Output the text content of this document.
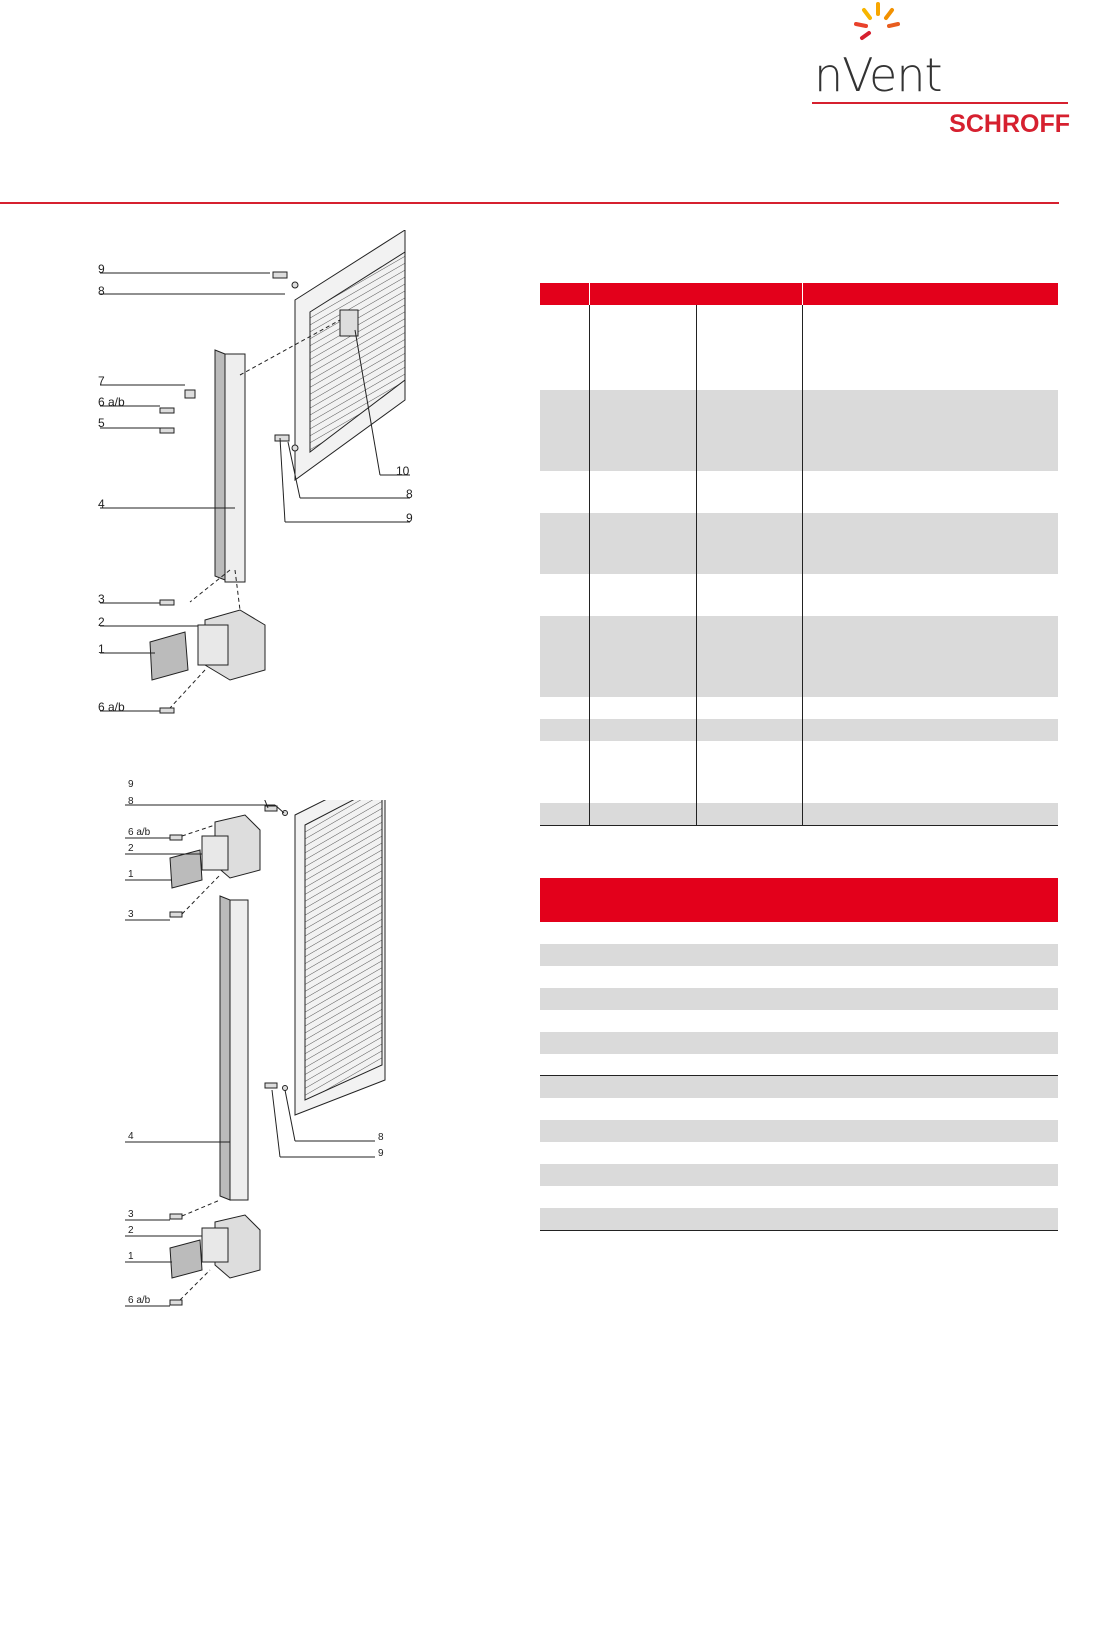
nVent
SCHROFF
9
8
7
6 a/b
5
4
3
2
1
6 a/b
10
8
9
9
8
6 a/b
2
1
3
4
3
2
1
6 a/b
8
9
